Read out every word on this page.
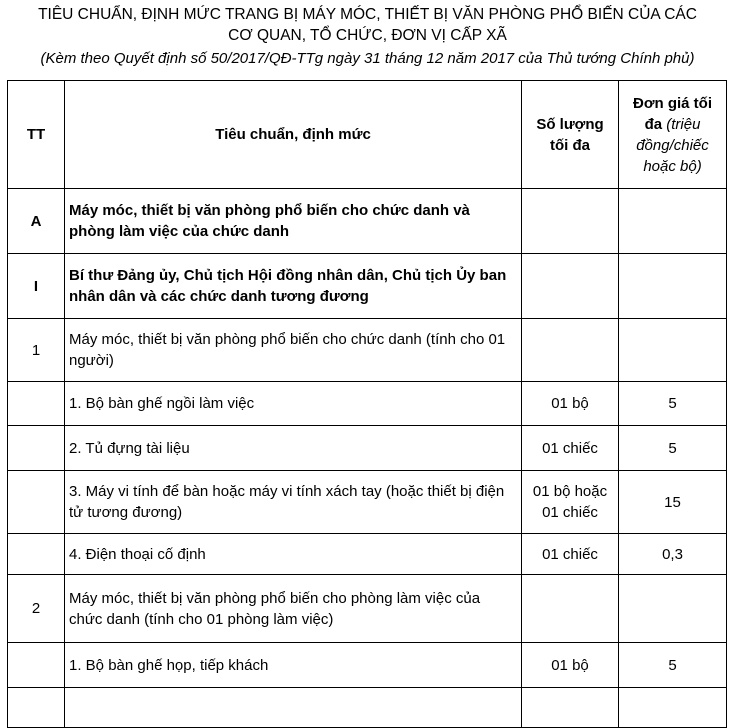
TIÊU CHUẨN, ĐỊNH MỨC TRANG BỊ MÁY MÓC, THIẾT BỊ VĂN PHÒNG PHỔ BIẾN CỦA CÁC
CƠ QUAN, TỔ CHỨC, ĐƠN VỊ CẤP XÃ
(Kèm theo Quyết định số 50/2017/QĐ-TTg ngày 31 tháng 12 năm 2017 của Thủ tướng Chính phủ)
TT	Tiêu chuẩn, định mức	Số lượng tối đa	Đơn giá tối đa (triệu đồng/chiếc hoặc bộ)
A	Máy móc, thiết bị văn phòng phổ biến cho chức danh và phòng làm việc của chức danh		
I	Bí thư Đảng ủy, Chủ tịch Hội đồng nhân dân, Chủ tịch Ủy ban nhân dân và các chức danh tương đương		
1	Máy móc, thiết bị văn phòng phổ biến cho chức danh (tính cho 01 người)		
	1. Bộ bàn ghế ngồi làm việc	01 bộ	5
	2. Tủ đựng tài liệu	01 chiếc	5
	3. Máy vi tính để bàn hoặc máy vi tính xách tay (hoặc thiết bị điện tử tương đương)	01 bộ hoặc 01 chiếc	15
	4. Điện thoại cố định	01 chiếc	0,3
2	Máy móc, thiết bị văn phòng phổ biến cho phòng làm việc của chức danh (tính cho 01 phòng làm việc)		
	1. Bộ bàn ghế họp, tiếp khách	01 bộ	5
